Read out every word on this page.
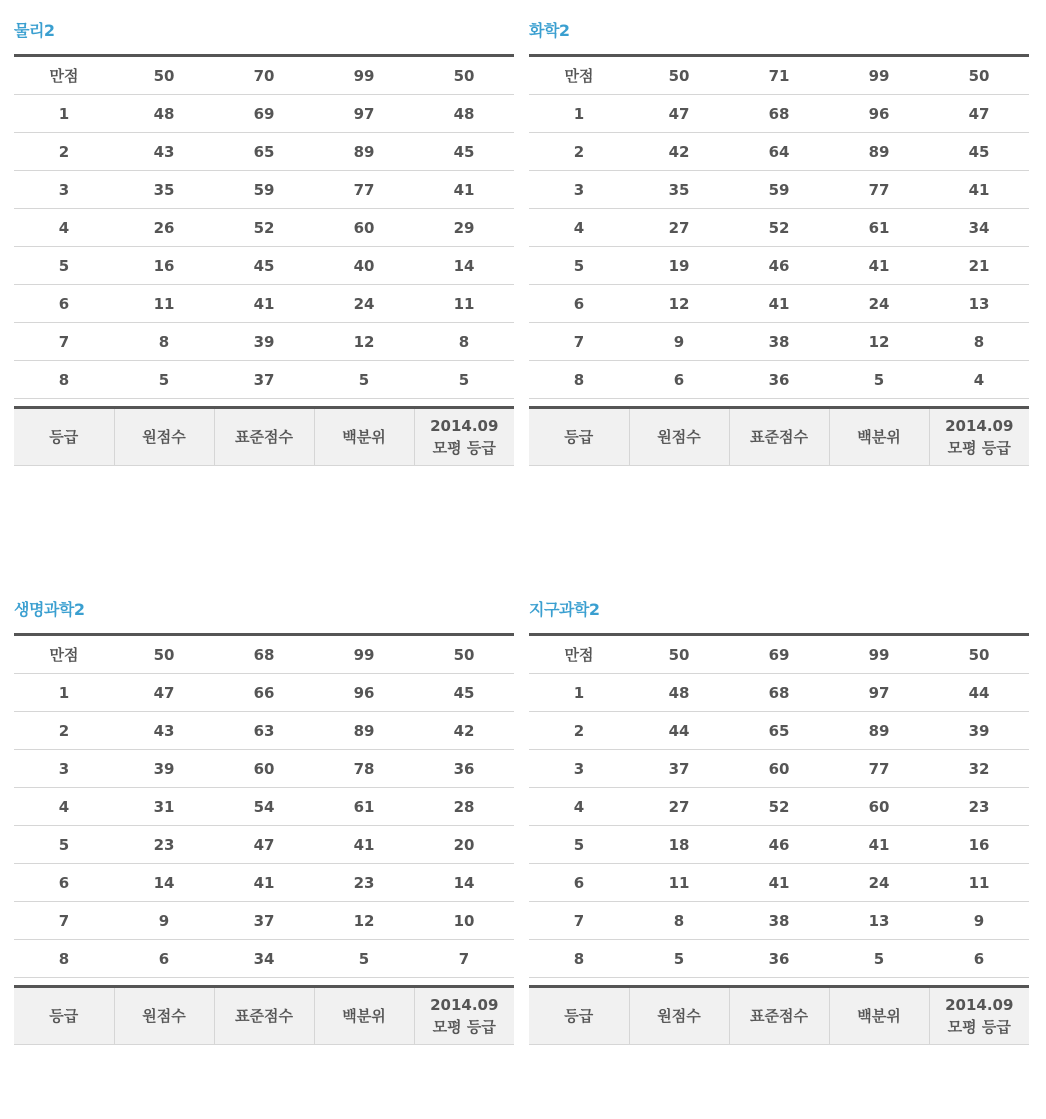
물리2
만점	50	70	99	50
1	48	69	97	48
2	43	65	89	45
3	35	59	77	41
4	26	52	60	29
5	16	45	40	14
6	11	41	24	11
7	8	39	12	8
8	5	37	5	5
등급	원점수	표준점수	백분위	2014.09
모평 등급
화학2
만점	50	71	99	50
1	47	68	96	47
2	42	64	89	45
3	35	59	77	41
4	27	52	61	34
5	19	46	41	21
6	12	41	24	13
7	9	38	12	8
8	6	36	5	4
등급	원점수	표준점수	백분위	2014.09
모평 등급
생명과학2
만점	50	68	99	50
1	47	66	96	45
2	43	63	89	42
3	39	60	78	36
4	31	54	61	28
5	23	47	41	20
6	14	41	23	14
7	9	37	12	10
8	6	34	5	7
등급	원점수	표준점수	백분위	2014.09
모평 등급
지구과학2
만점	50	69	99	50
1	48	68	97	44
2	44	65	89	39
3	37	60	77	32
4	27	52	60	23
5	18	46	41	16
6	11	41	24	11
7	8	38	13	9
8	5	36	5	6
등급	원점수	표준점수	백분위	2014.09
모평 등급
